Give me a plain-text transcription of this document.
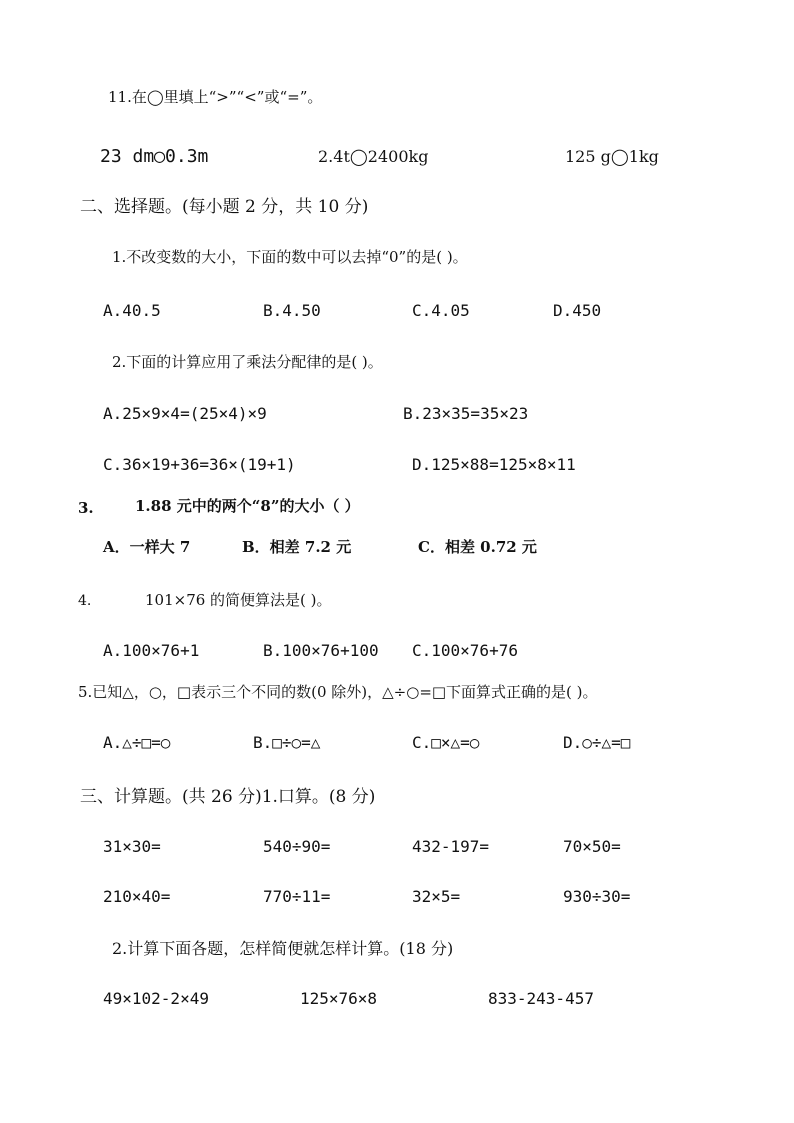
11.在◯里填上“>”“<”或“=”。
23 dm◯0.3m	2.4t◯2400kg	125 g◯1kg
二、选择题。(每小题 2 分，共 10 分)
1.不改变数的大小，下面的数中可以去掉“0”的是( )。
A.40.5	B.4.50	C.4.05	D.450
2.下面的计算应用了乘法分配律的是( )。
A.25×9×4=(25×4)×9	B.23×35=35×23
C.36×19+36=36×(19+1)	D.125×88=125×8×11
3.	1.88 元中的两个“8”的大小（ ）
A．一样大 7	B．相差 7.2 元	C．相差 0.72 元
4.	101×76 的简便算法是( )。
A.100×76+1	B.100×76+100 C.100×76+76
5.已知△，○，□表示三个不同的数(0 除外)，△÷○=□下面算式正确的是( )。
A.△÷□=○	B.□÷○=△	C.□×△=○	D.○÷△=□
三、计算题。(共 26 分)1.口算。(8 分)
31×30=	540÷90=	432-197=	70×50=
210×40=	770÷11=	32×5=	930÷30=
2.计算下面各题，怎样简便就怎样计算。(18 分)
49×102-2×49	125×76×8	833-243-457
